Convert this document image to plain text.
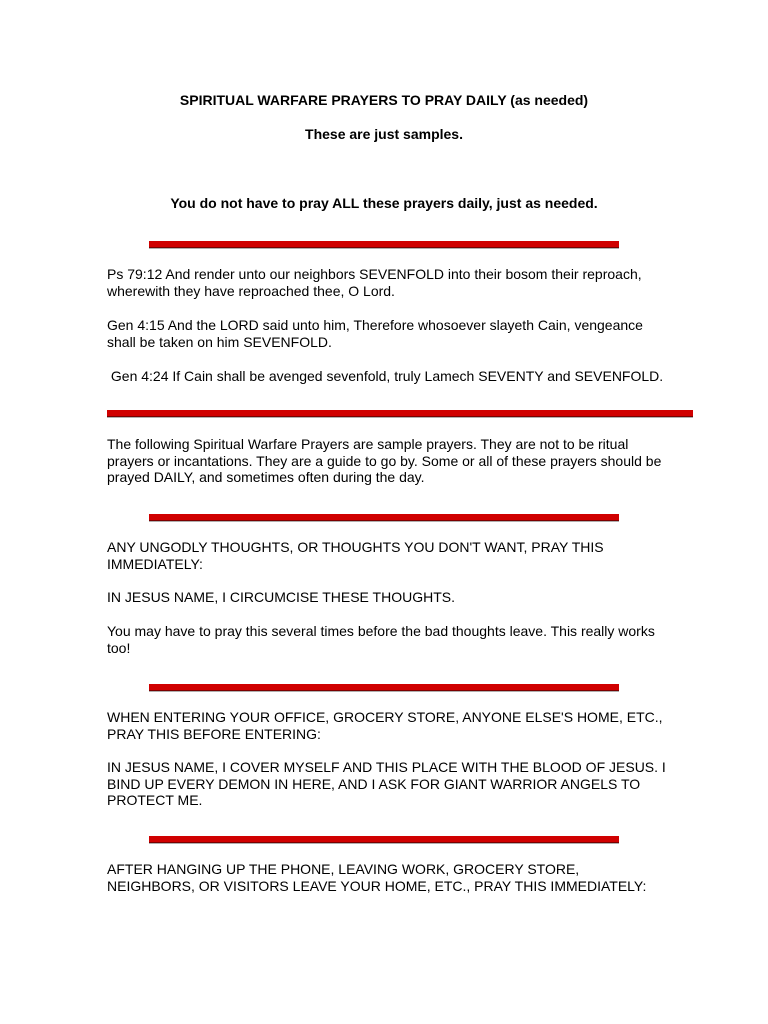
SPIRITUAL WARFARE PRAYERS TO PRAY DAILY (as needed)
These are just samples.
You do not have to pray ALL these prayers daily, just as needed.
Ps 79:12 And render unto our neighbors SEVENFOLD into their bosom their reproach,
wherewith they have reproached thee, O Lord.
Gen 4:15 And the LORD said unto him, Therefore whosoever slayeth Cain, vengeance
shall be taken on him SEVENFOLD.
Gen 4:24 If Cain shall be avenged sevenfold, truly Lamech SEVENTY and SEVENFOLD.
The following Spiritual Warfare Prayers are sample prayers. They are not to be ritual
prayers or incantations. They are a guide to go by. Some or all of these prayers should be
prayed DAILY, and sometimes often during the day.
ANY UNGODLY THOUGHTS, OR THOUGHTS YOU DON'T WANT, PRAY THIS
IMMEDIATELY:
IN JESUS NAME, I CIRCUMCISE THESE THOUGHTS.
You may have to pray this several times before the bad thoughts leave. This really works
too!
WHEN ENTERING YOUR OFFICE, GROCERY STORE, ANYONE ELSE'S HOME, ETC.,
PRAY THIS BEFORE ENTERING:
IN JESUS NAME, I COVER MYSELF AND THIS PLACE WITH THE BLOOD OF JESUS. I
BIND UP EVERY DEMON IN HERE, AND I ASK FOR GIANT WARRIOR ANGELS TO
PROTECT ME.
AFTER HANGING UP THE PHONE, LEAVING WORK, GROCERY STORE,
NEIGHBORS, OR VISITORS LEAVE YOUR HOME, ETC., PRAY THIS IMMEDIATELY:
